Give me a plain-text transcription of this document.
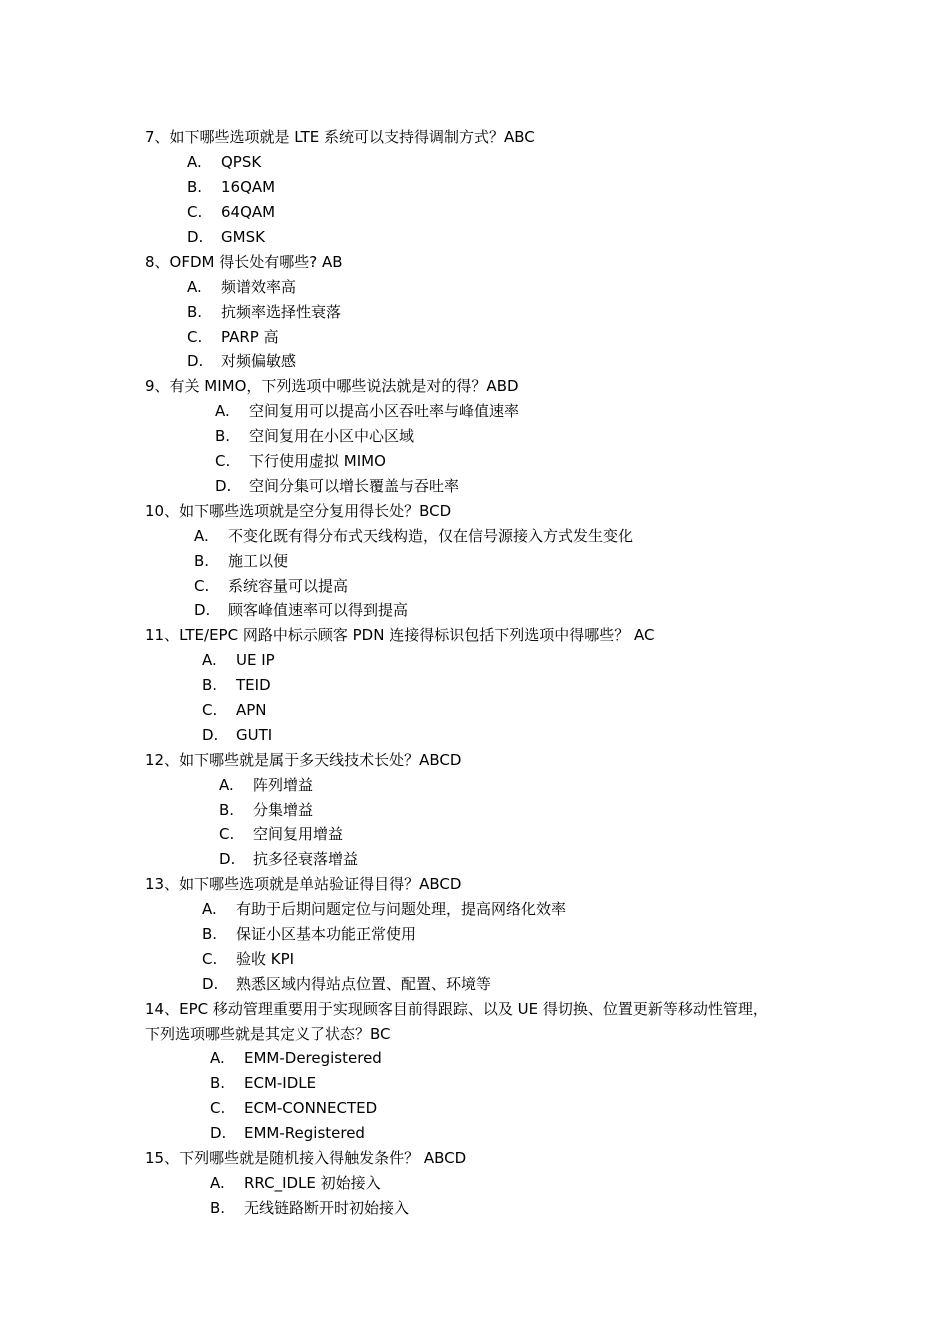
7、如下哪些选项就是 LTE 系统可以支持得调制方式？ABC
A. QPSK
B. 16QAM
C. 64QAM
D. GMSK
8、OFDM 得长处有哪些? AB
A. 频谱效率高
B. 抗频率选择性衰落
C. PARP 高
D. 对频偏敏感
9、有关 MIMO，下列选项中哪些说法就是对的得？ABD
A. 空间复用可以提高小区吞吐率与峰值速率
B. 空间复用在小区中心区域
C. 下行使用虚拟 MIMO
D. 空间分集可以增长覆盖与吞吐率
10、如下哪些选项就是空分复用得长处？BCD
A. 不变化既有得分布式天线构造，仅在信号源接入方式发生变化
B. 施工以便
C. 系统容量可以提高
D. 顾客峰值速率可以得到提高
11、LTE/EPC 网路中标示顾客 PDN 连接得标识包括下列选项中得哪些？ AC
A. UE IP
B. TEID
C. APN
D. GUTI
12、如下哪些就是属于多天线技术长处？ABCD
A. 阵列增益
B. 分集增益
C. 空间复用增益
D. 抗多径衰落增益
13、如下哪些选项就是单站验证得目得？ABCD
A. 有助于后期问题定位与问题处理，提高网络化效率
B. 保证小区基本功能正常使用
C. 验收 KPI
D. 熟悉区域内得站点位置、配置、环境等
14、EPC 移动管理重要用于实现顾客目前得跟踪、以及 UE 得切换、位置更新等移动性管理，
下列选项哪些就是其定义了状态？BC
A. EMM-Deregistered
B. ECM-IDLE
C. ECM-CONNECTED
D. EMM-Registered
15、下列哪些就是随机接入得触发条件？ ABCD
A. RRC_IDLE 初始接入
B. 无线链路断开时初始接入
